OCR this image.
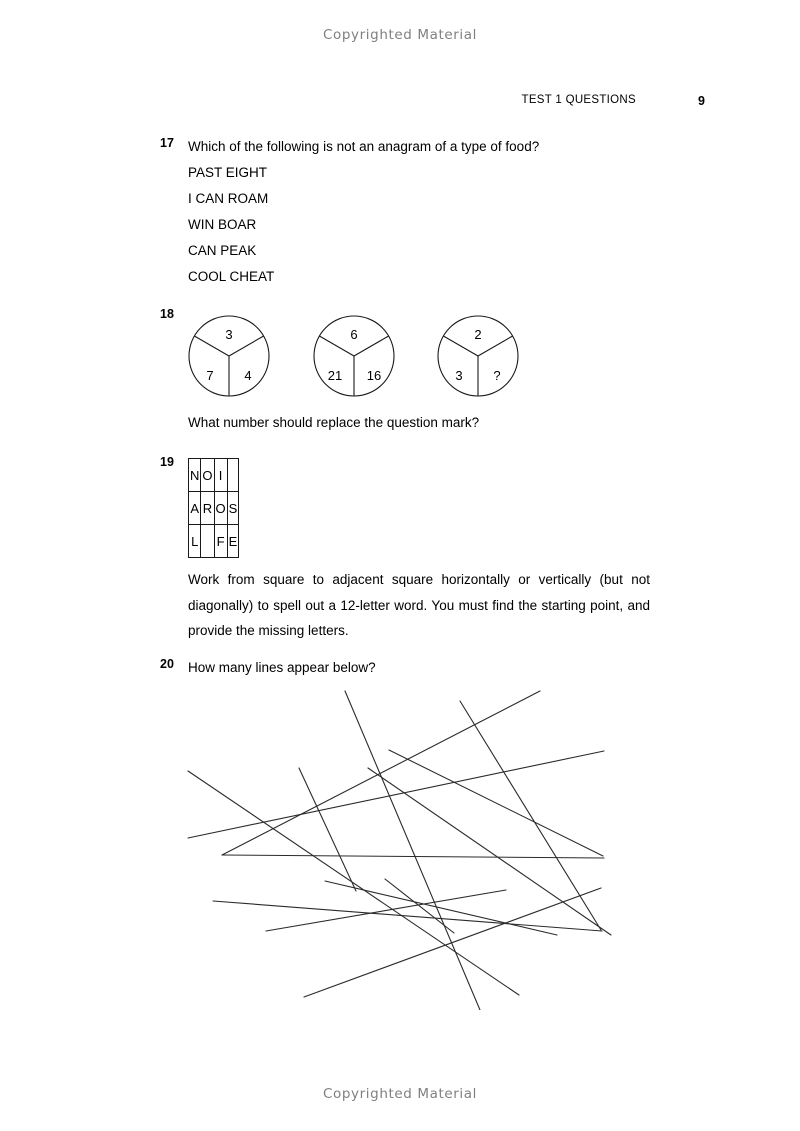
Copyrighted Material
TEST 1 QUESTIONS	9
17 Which of the following is not an anagram of a type of food?
PAST EIGHT
I CAN ROAM
WIN BOAR
CAN PEAK
COOL CHEAT
18
3
7 4
6
21 16
2
3 ?
What number should replace the question mark?
19
N	O	I	
A	R	O	S
L		F	E
Work from square to adjacent square horizontally or vertically (but not diagonally) to spell out a 12-letter word. You must find the starting point, and provide the missing letters.
20 How many lines appear below?
Copyrighted Material
